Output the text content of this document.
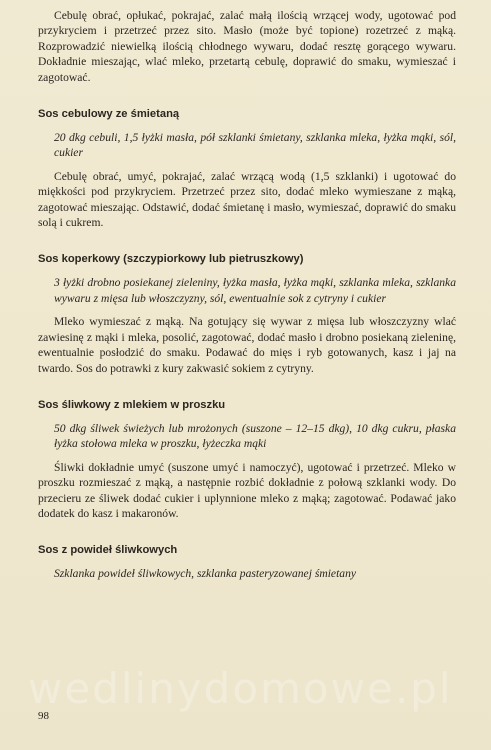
wedlinydomowe.pl

Cebulę obrać, opłukać, pokrajać, zalać małą ilością wrzącej wody, ugotować pod przykryciem i przetrzeć przez sito. Masło (może być topione) rozetrzeć z mąką. Rozprowadzić niewielką ilością chłodnego wywaru, dodać resztę gorącego wywaru. Dokładnie mieszając, wlać mleko, przetartą cebulę, doprawić do smaku, wymieszać i zagotować.

Sos cebulowy ze śmietaną

20 dkg cebuli, 1,5 łyżki masła, pół szklanki śmietany, szklanka mleka, łyżka mąki, sól, cukier

Cebulę obrać, umyć, pokrajać, zalać wrzącą wodą (1,5 szklanki) i ugotować do miękkości pod przykryciem. Przetrzeć przez sito, dodać mleko wymieszane z mąką, zagotować mieszając. Odstawić, dodać śmietanę i masło, wymieszać, doprawić do smaku solą i cukrem.

Sos koperkowy (szczypiorkowy lub pietruszkowy)

3 łyżki drobno posiekanej zieleniny, łyżka masła, łyżka mąki, szklanka mleka, szklanka wywaru z mięsa lub włoszczyzny, sól, ewentualnie sok z cytryny i cukier

Mleko wymieszać z mąką. Na gotujący się wywar z mięsa lub włoszczyzny wlać zawiesinę z mąki i mleka, posolić, zagotować, dodać masło i drobno posiekaną zieleninę, ewentualnie posłodzić do smaku. Podawać do mięs i ryb gotowanych, kasz i jaj na twardo. Sos do potrawki z kury zakwasić sokiem z cytryny.

Sos śliwkowy z mlekiem w proszku

50 dkg śliwek świeżych lub mrożonych (suszone – 12–15 dkg), 10 dkg cukru, płaska łyżka stołowa mleka w proszku, łyżeczka mąki

Śliwki dokładnie umyć (suszone umyć i namoczyć), ugotować i przetrzeć. Mleko w proszku rozmieszać z mąką, a następnie rozbić dokładnie z połową szklanki wody. Do przecieru ze śliwek dodać cukier i uplynnione mleko z mąką; zagotować. Podawać jako dodatek do kasz i makaronów.

Sos z powideł śliwkowych

Szklanka powideł śliwkowych, szklanka pasteryzowanej śmietany

98
